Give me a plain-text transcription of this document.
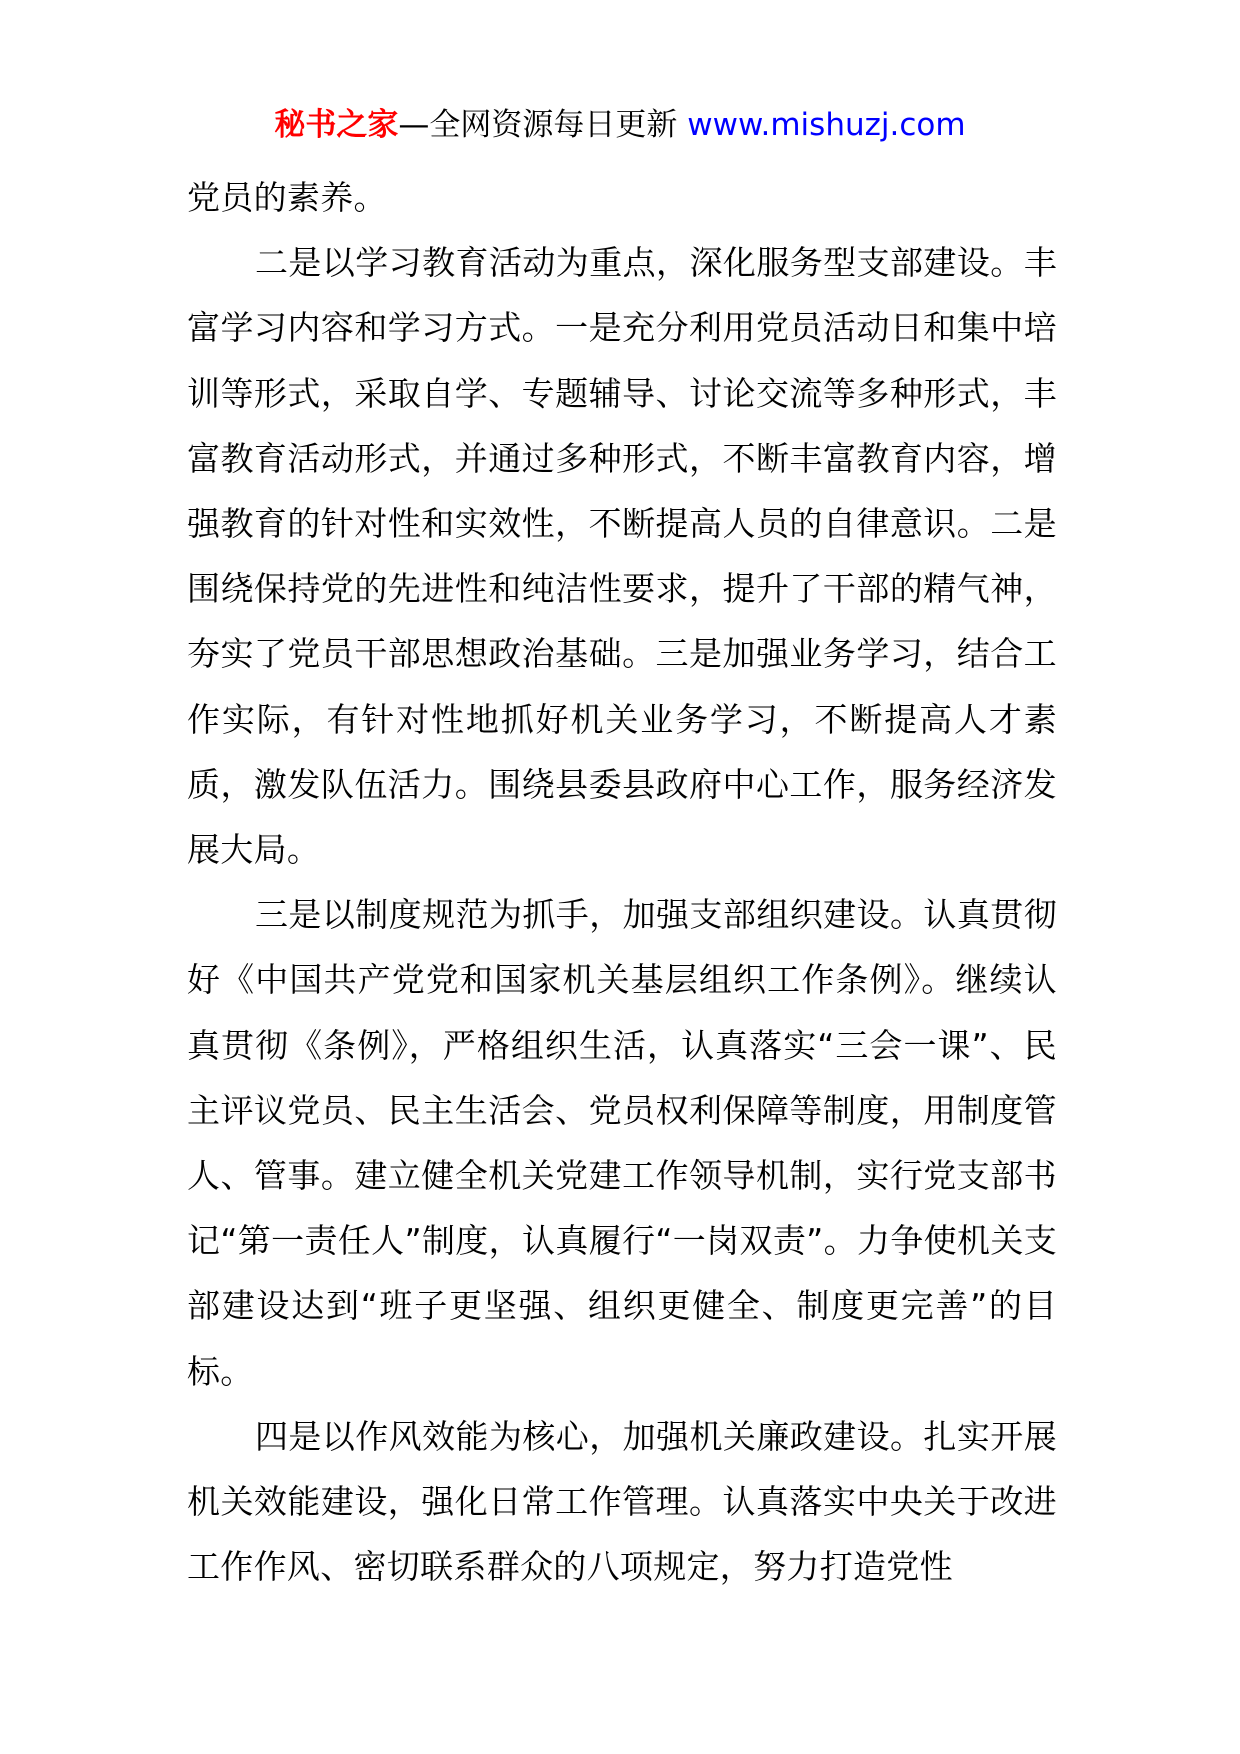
秘书之家—全网资源每日更新 www.mishuzj.com

党员的素养。

二是以学习教育活动为重点，深化服务型支部建设。丰富学习内容和学习方式。一是充分利用党员活动日和集中培训等形式，采取自学、专题辅导、讨论交流等多种形式，丰富教育活动形式，并通过多种形式，不断丰富教育内容，增强教育的针对性和实效性，不断提高人员的自律意识。二是围绕保持党的先进性和纯洁性要求，提升了干部的精气神，夯实了党员干部思想政治基础。三是加强业务学习，结合工作实际，有针对性地抓好机关业务学习，不断提高人才素质，激发队伍活力。围绕县委县政府中心工作，服务经济发展大局。

三是以制度规范为抓手，加强支部组织建设。认真贯彻好《中国共产党党和国家机关基层组织工作条例》。继续认真贯彻《条例》，严格组织生活，认真落实“三会一课”、民主评议党员、民主生活会、党员权利保障等制度，用制度管人、管事。建立健全机关党建工作领导机制，实行党支部书记“第一责任人”制度，认真履行“一岗双责”。力争使机关支部建设达到“班子更坚强、组织更健全、制度更完善”的目标。

四是以作风效能为核心，加强机关廉政建设。扎实开展机关效能建设，强化日常工作管理。认真落实中央关于改进工作作风、密切联系群众的八项规定，努力打造党性
